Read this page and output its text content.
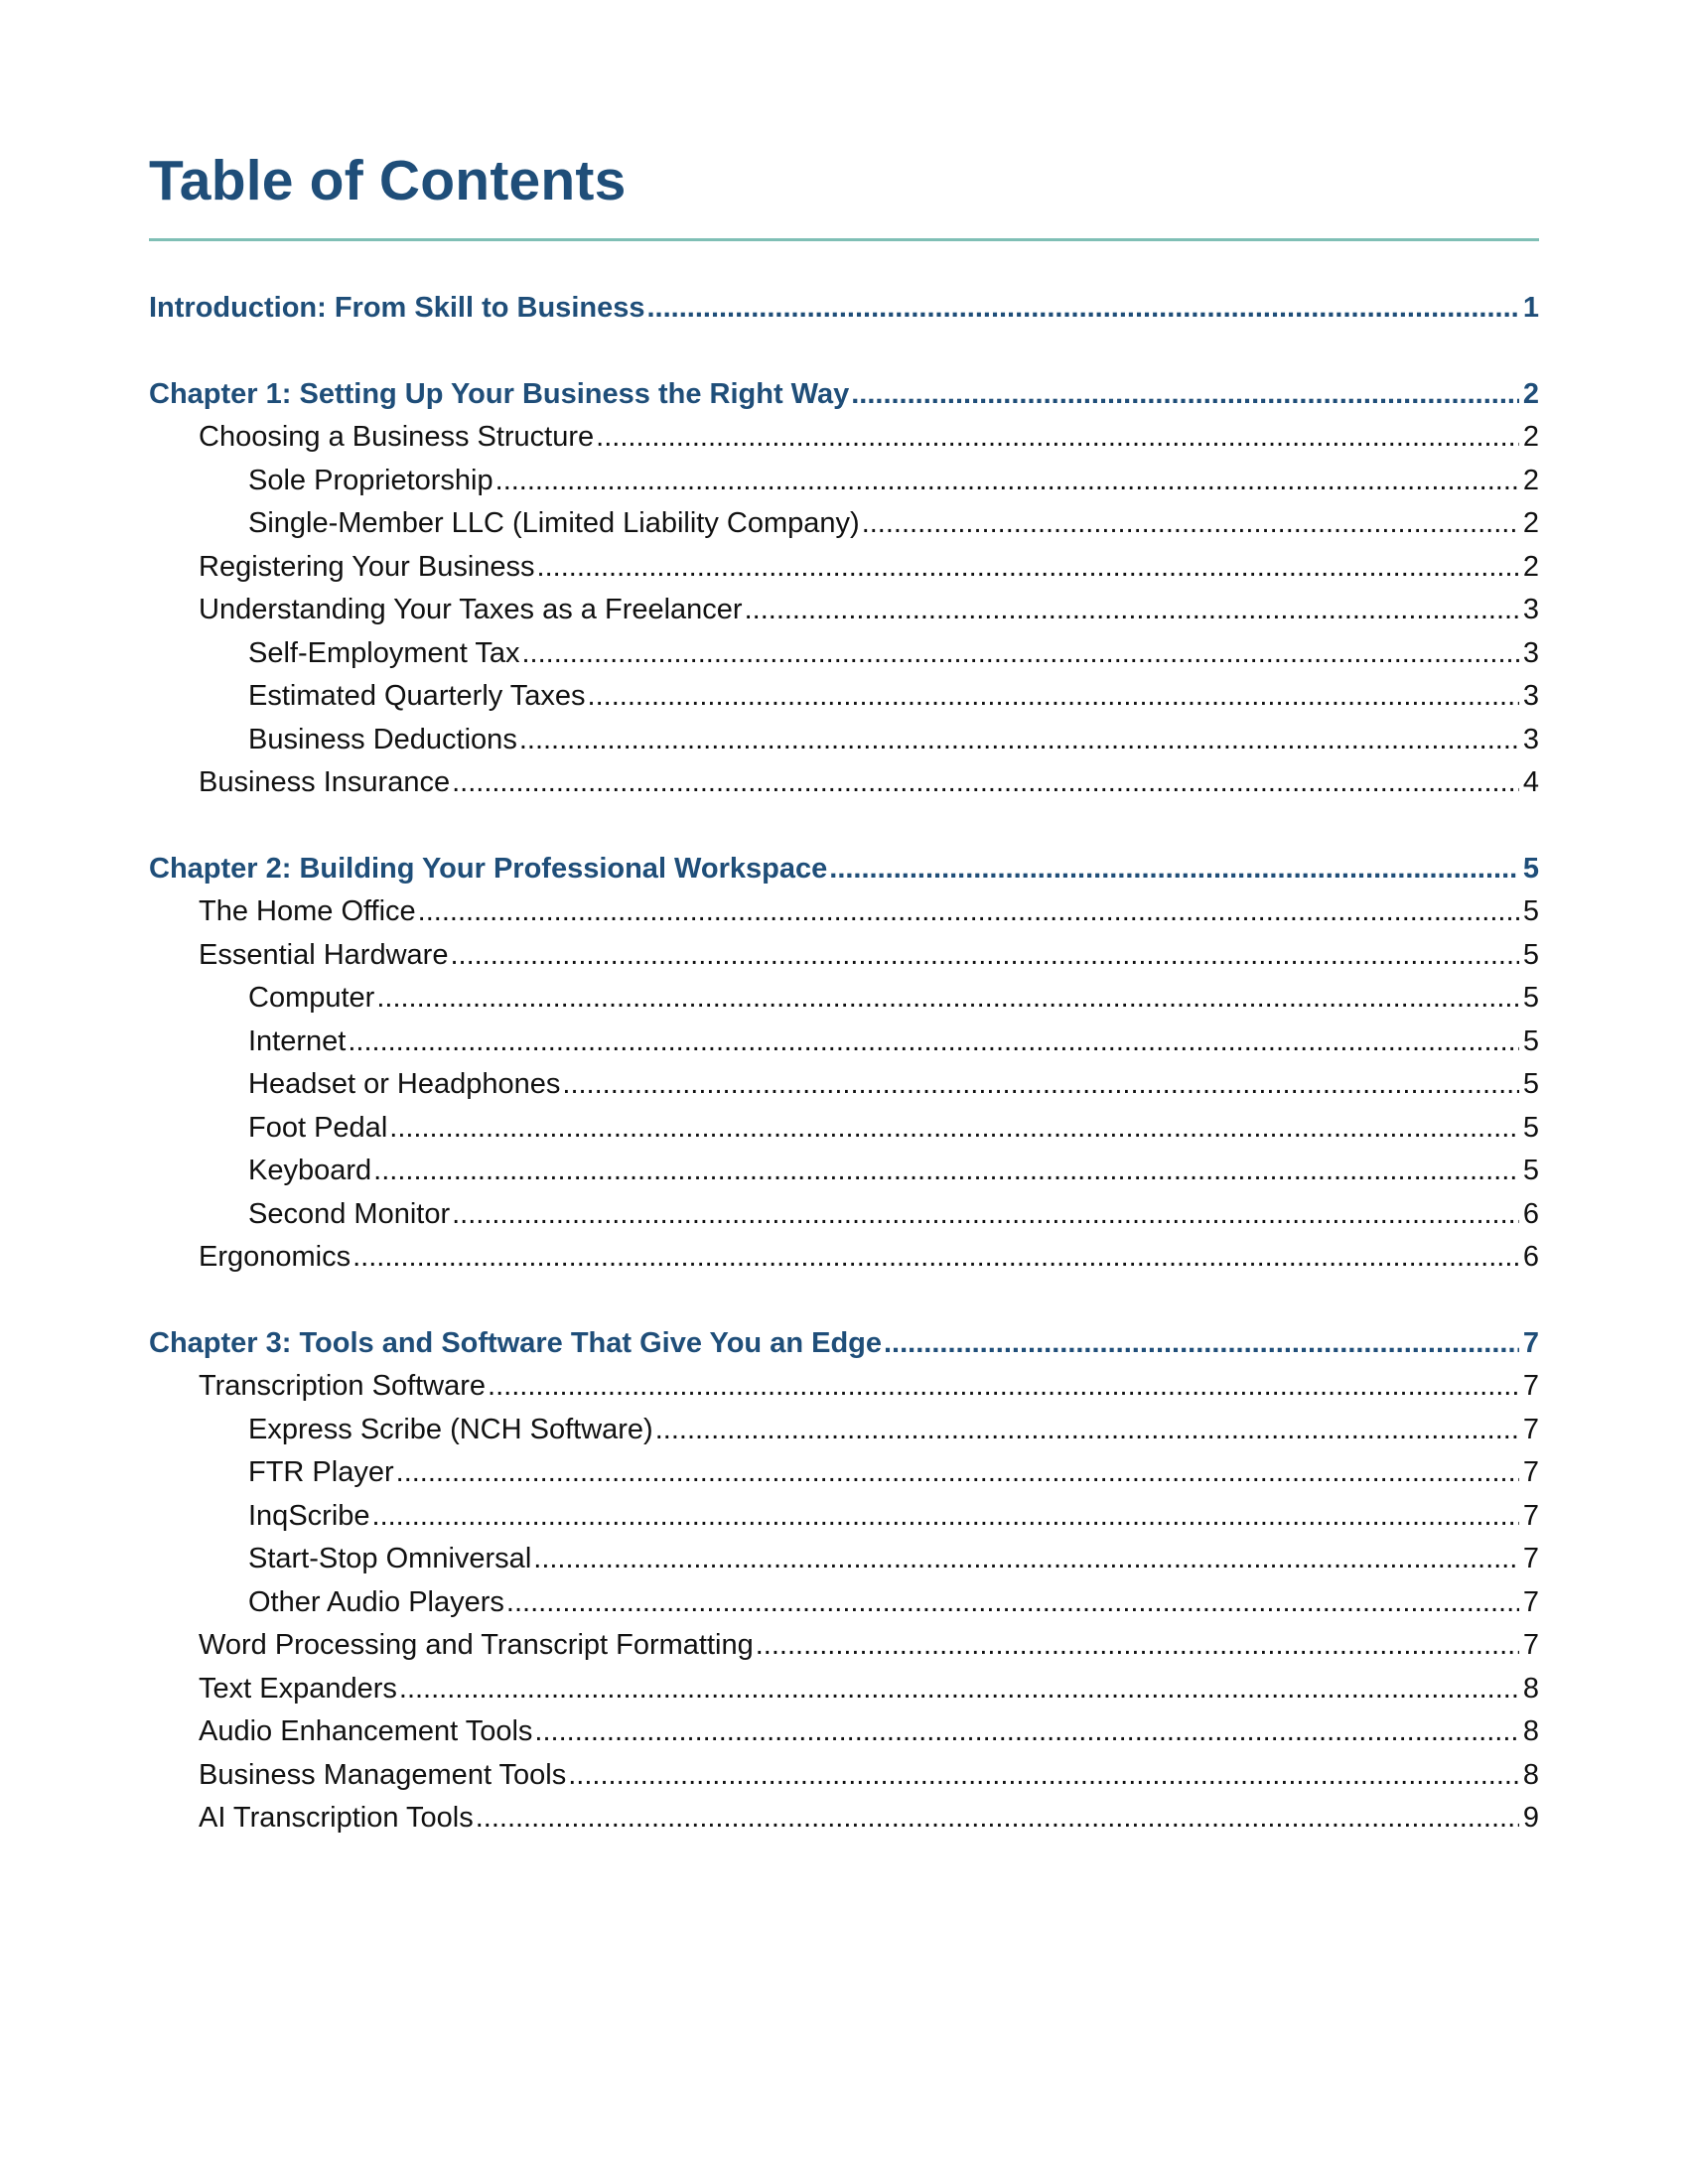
Table of Contents
Introduction: From Skill to Business .....	1
Chapter 1: Setting Up Your Business the Right Way .....	2
Choosing a Business Structure .....	2
Sole Proprietorship .....	2
Single-Member LLC (Limited Liability Company) .....	2
Registering Your Business .....	2
Understanding Your Taxes as a Freelancer .....	3
Self-Employment Tax .....	3
Estimated Quarterly Taxes .....	3
Business Deductions .....	3
Business Insurance .....	4
Chapter 2: Building Your Professional Workspace .....	5
The Home Office .....	5
Essential Hardware .....	5
Computer .....	5
Internet .....	5
Headset or Headphones .....	5
Foot Pedal .....	5
Keyboard .....	5
Second Monitor .....	6
Ergonomics .....	6
Chapter 3: Tools and Software That Give You an Edge .....	7
Transcription Software .....	7
Express Scribe (NCH Software) .....	7
FTR Player .....	7
InqScribe .....	7
Start-Stop Omniversal .....	7
Other Audio Players .....	7
Word Processing and Transcript Formatting .....	7
Text Expanders .....	8
Audio Enhancement Tools .....	8
Business Management Tools .....	8
AI Transcription Tools .....	9
